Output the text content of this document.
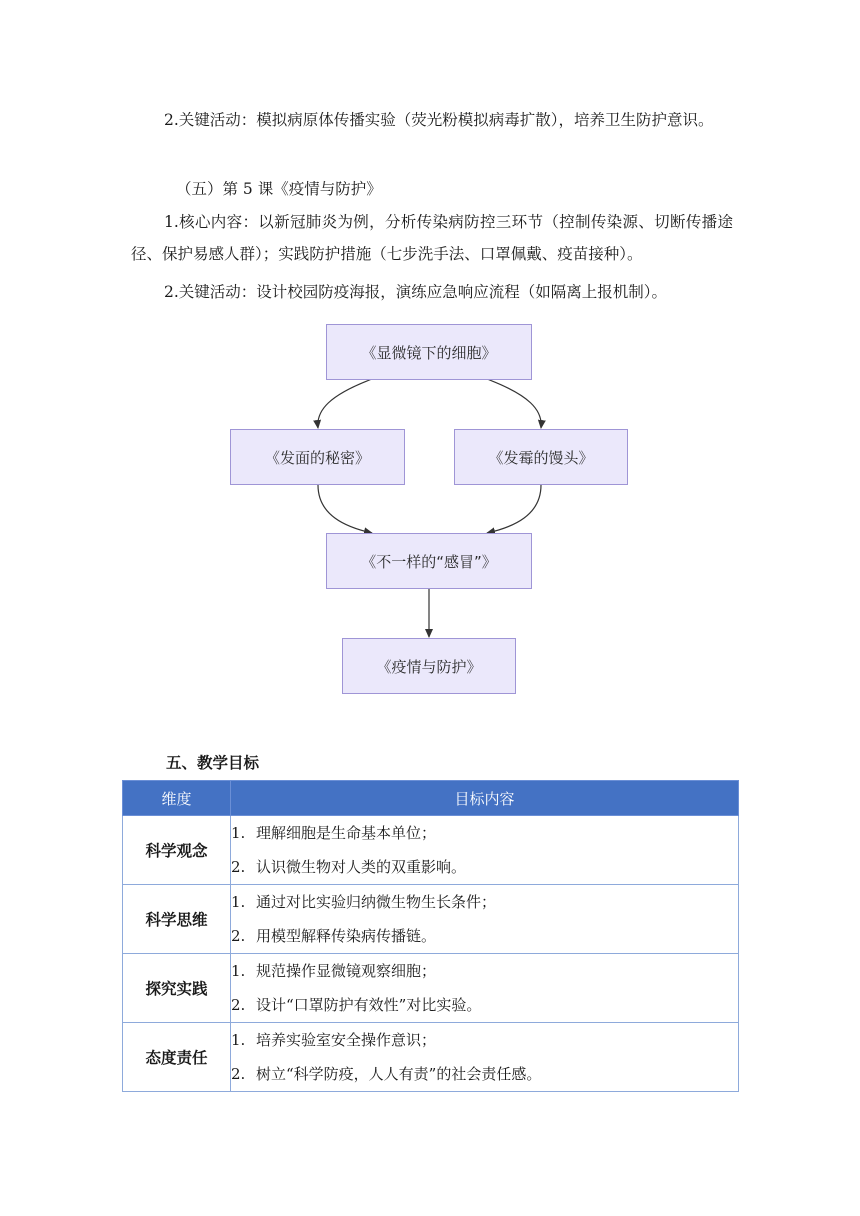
2.关键活动：模拟病原体传播实验（荧光粉模拟病毒扩散），培养卫生防护意识。

（五）第 5 课《疫情与防护》

1.核心内容：以新冠肺炎为例，分析传染病防控三环节（控制传染源、切断传播途径、保护易感人群）；实践防护措施（七步洗手法、口罩佩戴、疫苗接种）。

2.关键活动：设计校园防疫海报，演练应急响应流程（如隔离上报机制）。

《显微镜下的细胞》
《发面的秘密》	《发霉的馒头》
《不一样的“感冒”》
《疫情与防护》

五、教学目标

维度	目标内容
科学观念	1. 理解细胞是生命基本单位；
2. 认识微生物对人类的双重影响。

科学思维	1. 通过对比实验归纳微生物生长条件；
2. 用模型解释传染病传播链。

探究实践	1. 规范操作显微镜观察细胞；
2. 设计“口罩防护有效性”对比实验。

态度责任	1. 培养实验室安全操作意识；
2. 树立“科学防疫，人人有责”的社会责任感。
